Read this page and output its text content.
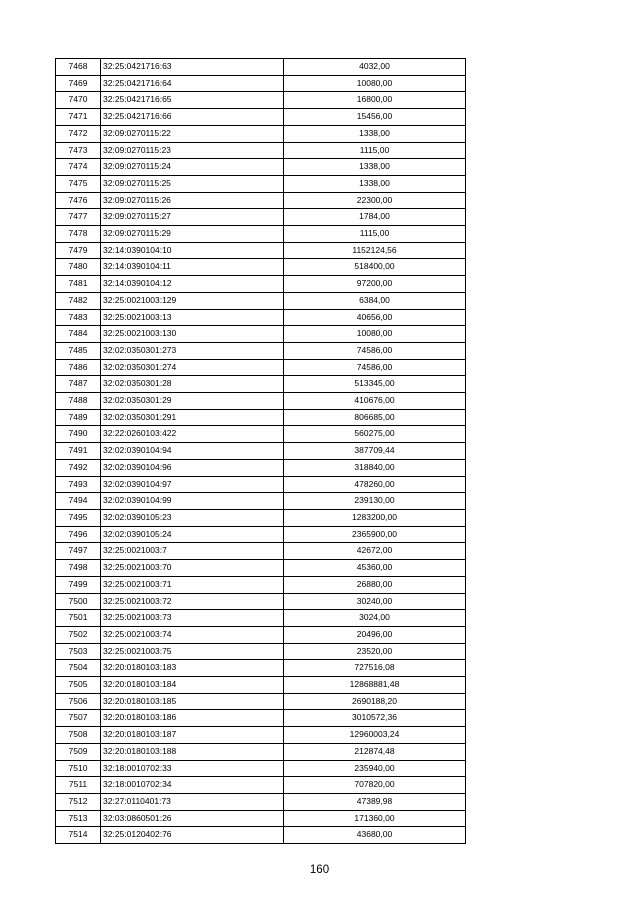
7468	32:25:0421716:63	4032,00
7469	32:25:0421716:64	10080,00
7470	32:25:0421716:65	16800,00
7471	32:25:0421716:66	15456,00
7472	32:09:0270115:22	1338,00
7473	32:09:0270115:23	1115,00
7474	32:09:0270115:24	1338,00
7475	32:09:0270115:25	1338,00
7476	32:09:0270115:26	22300,00
7477	32:09:0270115:27	1784,00
7478	32:09:0270115:29	1115,00
7479	32:14:0390104:10	1152124,56
7480	32:14:0390104:11	518400,00
7481	32:14:0390104:12	97200,00
7482	32:25:0021003:129	6384,00
7483	32:25:0021003:13	40656,00
7484	32:25:0021003:130	10080,00
7485	32:02:0350301:273	74586,00
7486	32:02:0350301:274	74586,00
7487	32:02:0350301:28	513345,00
7488	32:02:0350301:29	410676,00
7489	32:02:0350301:291	806685,00
7490	32:22:0260103:422	560275,00
7491	32:02:0390104:94	387709,44
7492	32:02:0390104:96	318840,00
7493	32:02:0390104:97	478260,00
7494	32:02:0390104:99	239130,00
7495	32:02:0390105:23	1283200,00
7496	32:02:0390105:24	2365900,00
7497	32:25:0021003:7	42672,00
7498	32:25:0021003:70	45360,00
7499	32:25:0021003:71	26880,00
7500	32:25:0021003:72	30240,00
7501	32:25:0021003:73	3024,00
7502	32:25:0021003:74	20496,00
7503	32:25:0021003:75	23520,00
7504	32:20:0180103:183	727516,08
7505	32:20:0180103:184	12868881,48
7506	32:20:0180103:185	2690188,20
7507	32:20:0180103:186	3010572,36
7508	32:20:0180103:187	12960003,24
7509	32:20:0180103:188	212874,48
7510	32:18:0010702:33	235940,00
7511	32:18:0010702:34	707820,00
7512	32:27:0110401:73	47389,98
7513	32:03:0860501:26	171360,00
7514	32:25:0120402:76	43680,00
160
